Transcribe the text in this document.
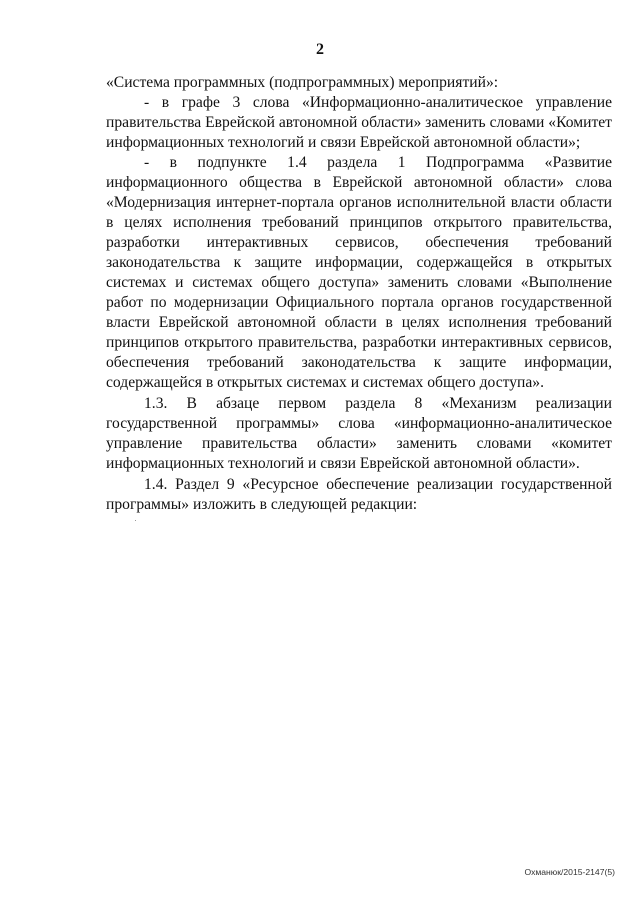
2

«Система программных (подпрограммных) мероприятий»:

- в графе 3 слова «Информационно-аналитическое управление правительства Еврейской автономной области» заменить словами «Комитет информационных технологий и связи Еврейской автономной области»;

- в подпункте 1.4 раздела 1 Подпрограмма «Развитие информационного общества в Еврейской автономной области» слова «Модернизация интернет-портала органов исполнительной власти области в целях исполнения требований принципов открытого правительства, разработки интерактивных сервисов, обеспечения требований законодательства к защите информации, содержащейся в открытых системах и системах общего доступа» заменить словами «Выполнение работ по модернизации Официального портала органов государственной власти Еврейской автономной области в целях исполнения требований принципов открытого правительства, разработки интерактивных сервисов, обеспечения требований законодательства к защите информации, содержащейся в открытых системах и системах общего доступа».

1.3. В абзаце первом раздела 8 «Механизм реализации государственной программы» слова «информационно-аналитическое управление правительства области» заменить словами «комитет информационных технологий и связи Еврейской автономной области».

1.4. Раздел 9 «Ресурсное обеспечение реализации государственной программы» изложить в следующей редакции:

Охманюк/2015-2147(5)
